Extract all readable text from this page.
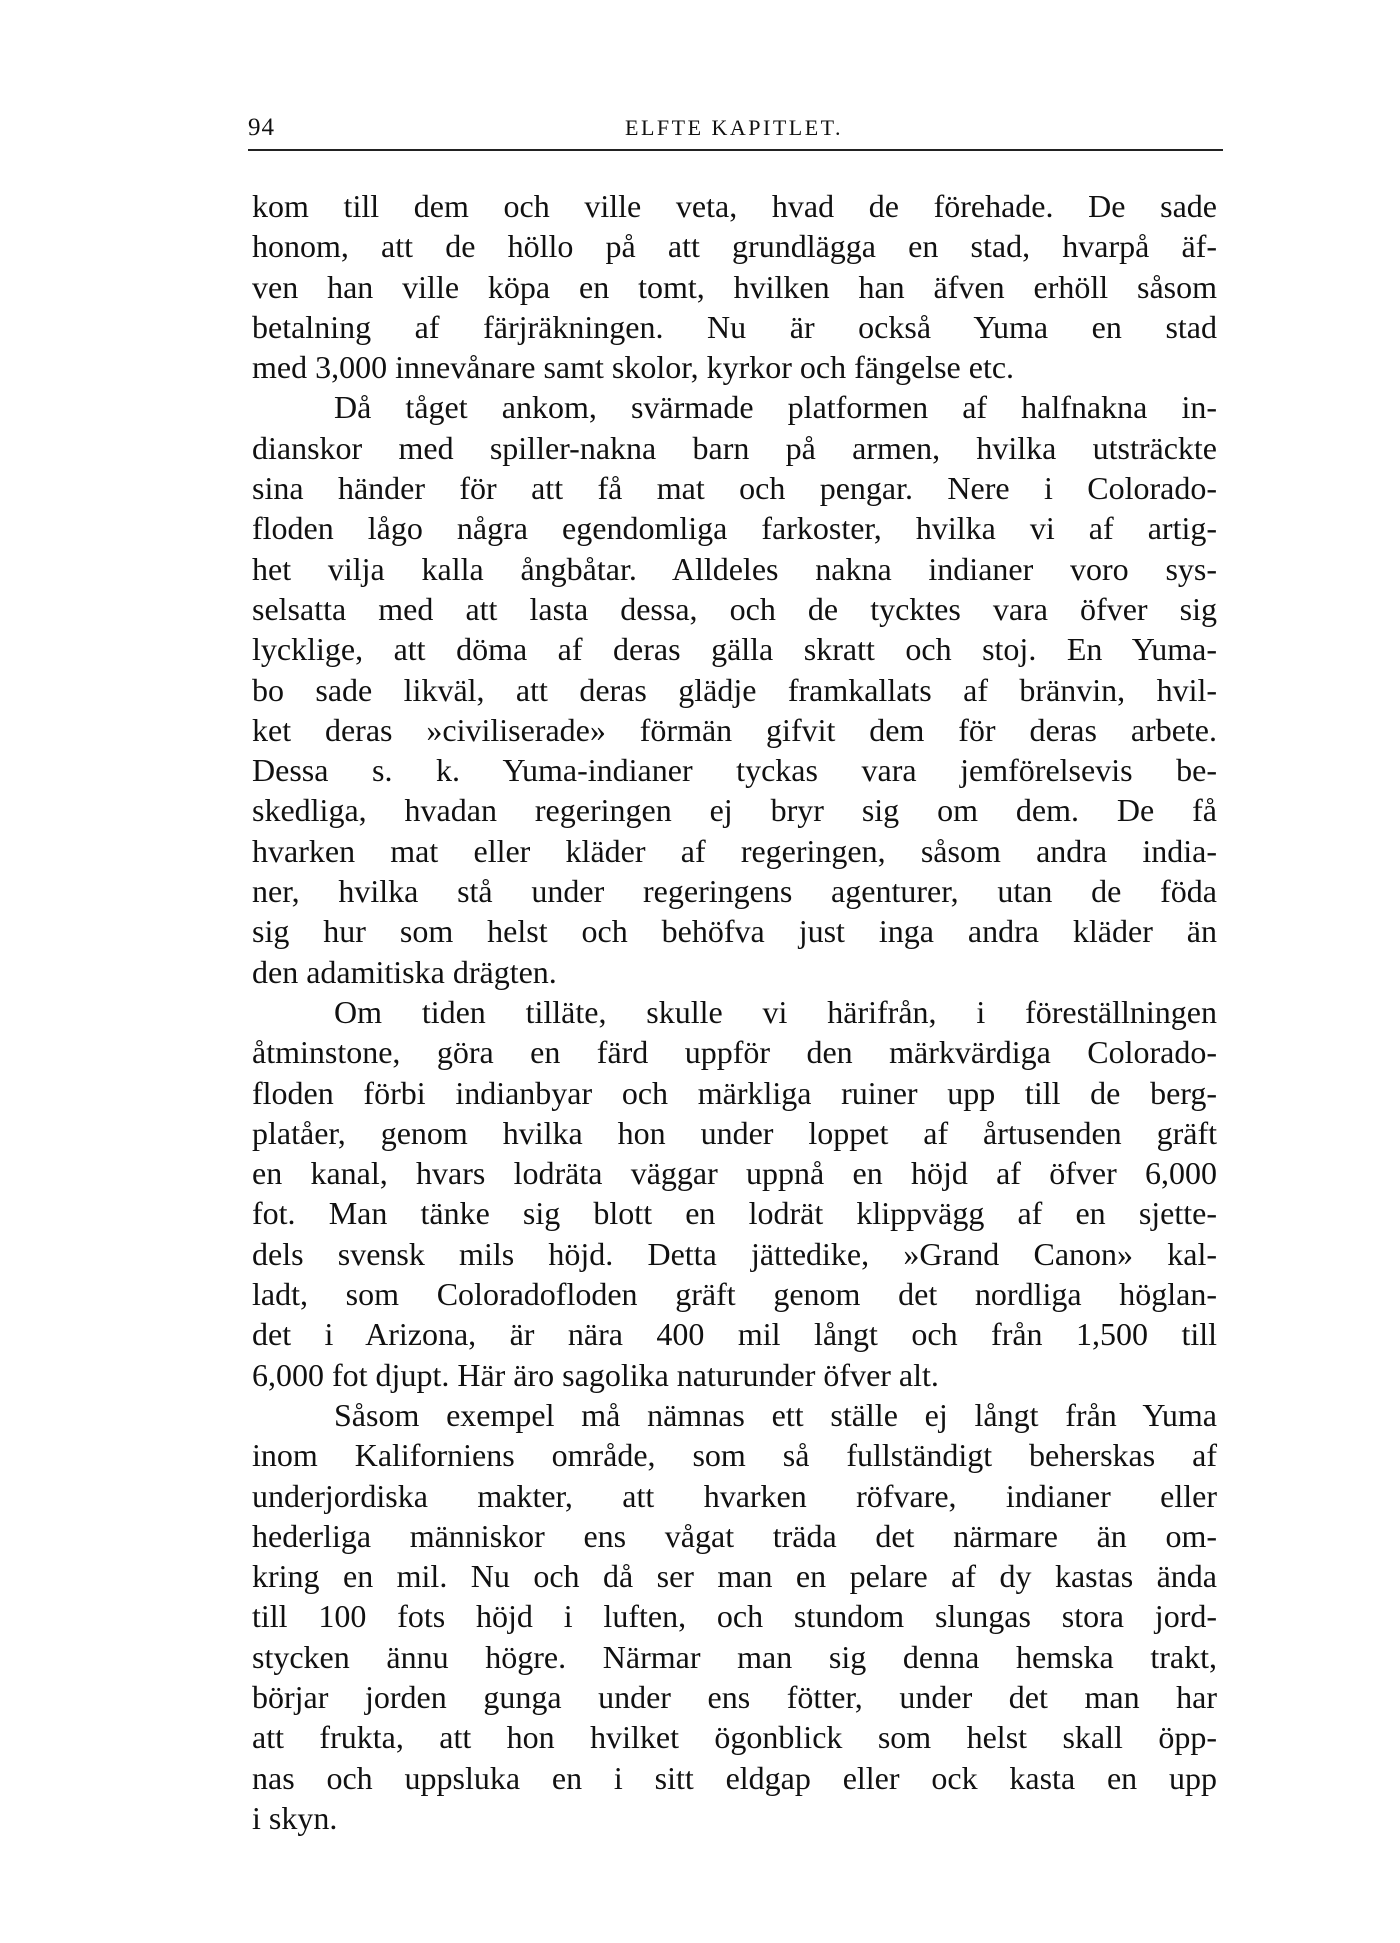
94	ELFTE KAPITLET.
kom till dem och ville veta, hvad de förehade. De sade
honom, att de höllo på att grundlägga en stad, hvarpå äf-
ven han ville köpa en tomt, hvilken han äfven erhöll såsom
betalning af färjräkningen. Nu är också Yuma en stad
med 3,000 innevånare samt skolor, kyrkor och fängelse etc.
Då tåget ankom, svärmade platformen af halfnakna in-
dianskor med spiller-nakna barn på armen, hvilka utsträckte
sina händer för att få mat och pengar. Nere i Colorado-
floden lågo några egendomliga farkoster, hvilka vi af artig-
het vilja kalla ångbåtar. Alldeles nakna indianer voro sys-
selsatta med att lasta dessa, och de tycktes vara öfver sig
lycklige, att döma af deras gälla skratt och stoj. En Yuma-
bo sade likväl, att deras glädje framkallats af bränvin, hvil-
ket deras »civiliserade» förmän gifvit dem för deras arbete.
Dessa s. k. Yuma-indianer tyckas vara jemförelsevis be-
skedliga, hvadan regeringen ej bryr sig om dem. De få
hvarken mat eller kläder af regeringen, såsom andra india-
ner, hvilka stå under regeringens agenturer, utan de föda
sig hur som helst och behöfva just inga andra kläder än
den adamitiska drägten.
Om tiden tilläte, skulle vi härifrån, i föreställningen
åtminstone, göra en färd uppför den märkvärdiga Colorado-
floden förbi indianbyar och märkliga ruiner upp till de berg-
platåer, genom hvilka hon under loppet af årtusenden gräft
en kanal, hvars lodräta väggar uppnå en höjd af öfver 6,000
fot. Man tänke sig blott en lodrät klippvägg af en sjette-
dels svensk mils höjd. Detta jättedike, »Grand Canon» kal-
ladt, som Coloradofloden gräft genom det nordliga höglan-
det i Arizona, är nära 400 mil långt och från 1,500 till
6,000 fot djupt. Här äro sagolika naturunder öfver alt.
Såsom exempel må nämnas ett ställe ej långt från Yuma
inom Kaliforniens område, som så fullständigt beherskas af
underjordiska makter, att hvarken röfvare, indianer eller
hederliga människor ens vågat träda det närmare än om-
kring en mil. Nu och då ser man en pelare af dy kastas ända
till 100 fots höjd i luften, och stundom slungas stora jord-
stycken ännu högre. Närmar man sig denna hemska trakt,
börjar jorden gunga under ens fötter, under det man har
att frukta, att hon hvilket ögonblick som helst skall öpp-
nas och uppsluka en i sitt eldgap eller ock kasta en upp
i skyn.
